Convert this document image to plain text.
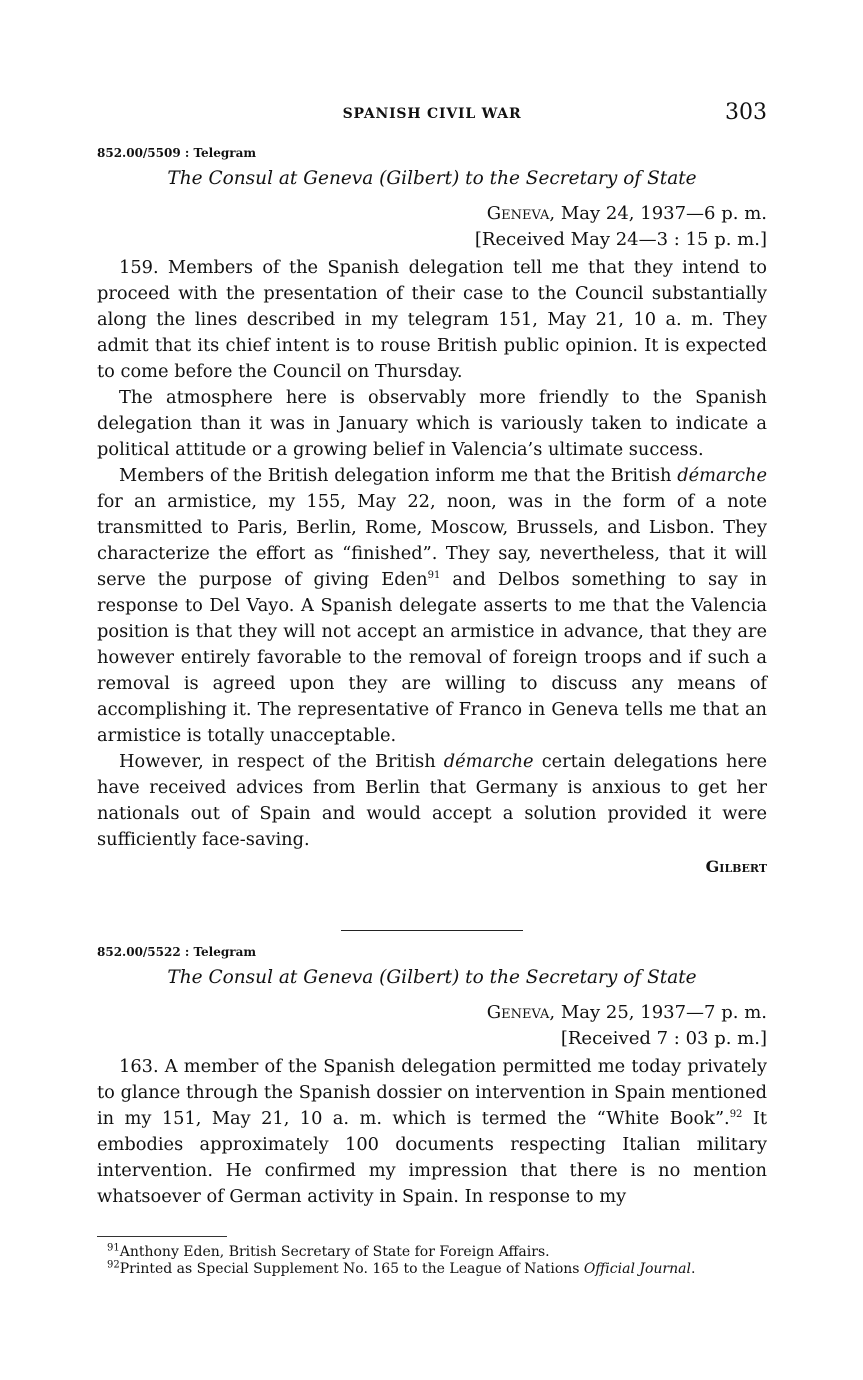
SPANISH CIVIL WAR	303
852.00/5509 : Telegram
The Consul at Geneva (Gilbert) to the Secretary of State
Geneva, May 24, 1937—6 p. m.
[Received May 24—3 : 15 p. m.]

159. Members of the Spanish delegation tell me that they intend to proceed with the presentation of their case to the Council substantially along the lines described in my telegram 151, May 21, 10 a. m. They admit that its chief intent is to rouse British public opinion. It is expected to come before the Council on Thursday.

The atmosphere here is observably more friendly to the Spanish delegation than it was in January which is variously taken to indicate a political attitude or a growing belief in Valencia’s ultimate success.

Members of the British delegation inform me that the British démarche for an armistice, my 155, May 22, noon, was in the form of a note transmitted to Paris, Berlin, Rome, Moscow, Brussels, and Lisbon. They characterize the effort as “finished”. They say, nevertheless, that it will serve the purpose of giving Eden$^{91}$ and Delbos something to say in response to Del Vayo. A Spanish delegate asserts to me that the Valencia position is that they will not accept an armistice in advance, that they are however entirely favorable to the removal of foreign troops and if such a removal is agreed upon they are willing to discuss any means of accomplishing it. The representative of Franco in Geneva tells me that an armistice is totally unacceptable.

However, in respect of the British démarche certain delegations here have received advices from Berlin that Germany is anxious to get her nationals out of Spain and would accept a solution provided it were sufficiently face-saving.

Gilbert
852.00/5522 : Telegram
The Consul at Geneva (Gilbert) to the Secretary of State
Geneva, May 25, 1937—7 p. m.
[Received 7 : 03 p. m.]

163. A member of the Spanish delegation permitted me today privately to glance through the Spanish dossier on intervention in Spain mentioned in my 151, May 21, 10 a. m. which is termed the “White Book”.$^{92}$ It embodies approximately 100 documents respecting Italian military intervention. He confirmed my impression that there is no mention whatsoever of German activity in Spain. In response to my

$^{91}$Anthony Eden, British Secretary of State for Foreign Affairs.

$^{92}$Printed as Special Supplement No. 165 to the League of Nations Official Journal.
